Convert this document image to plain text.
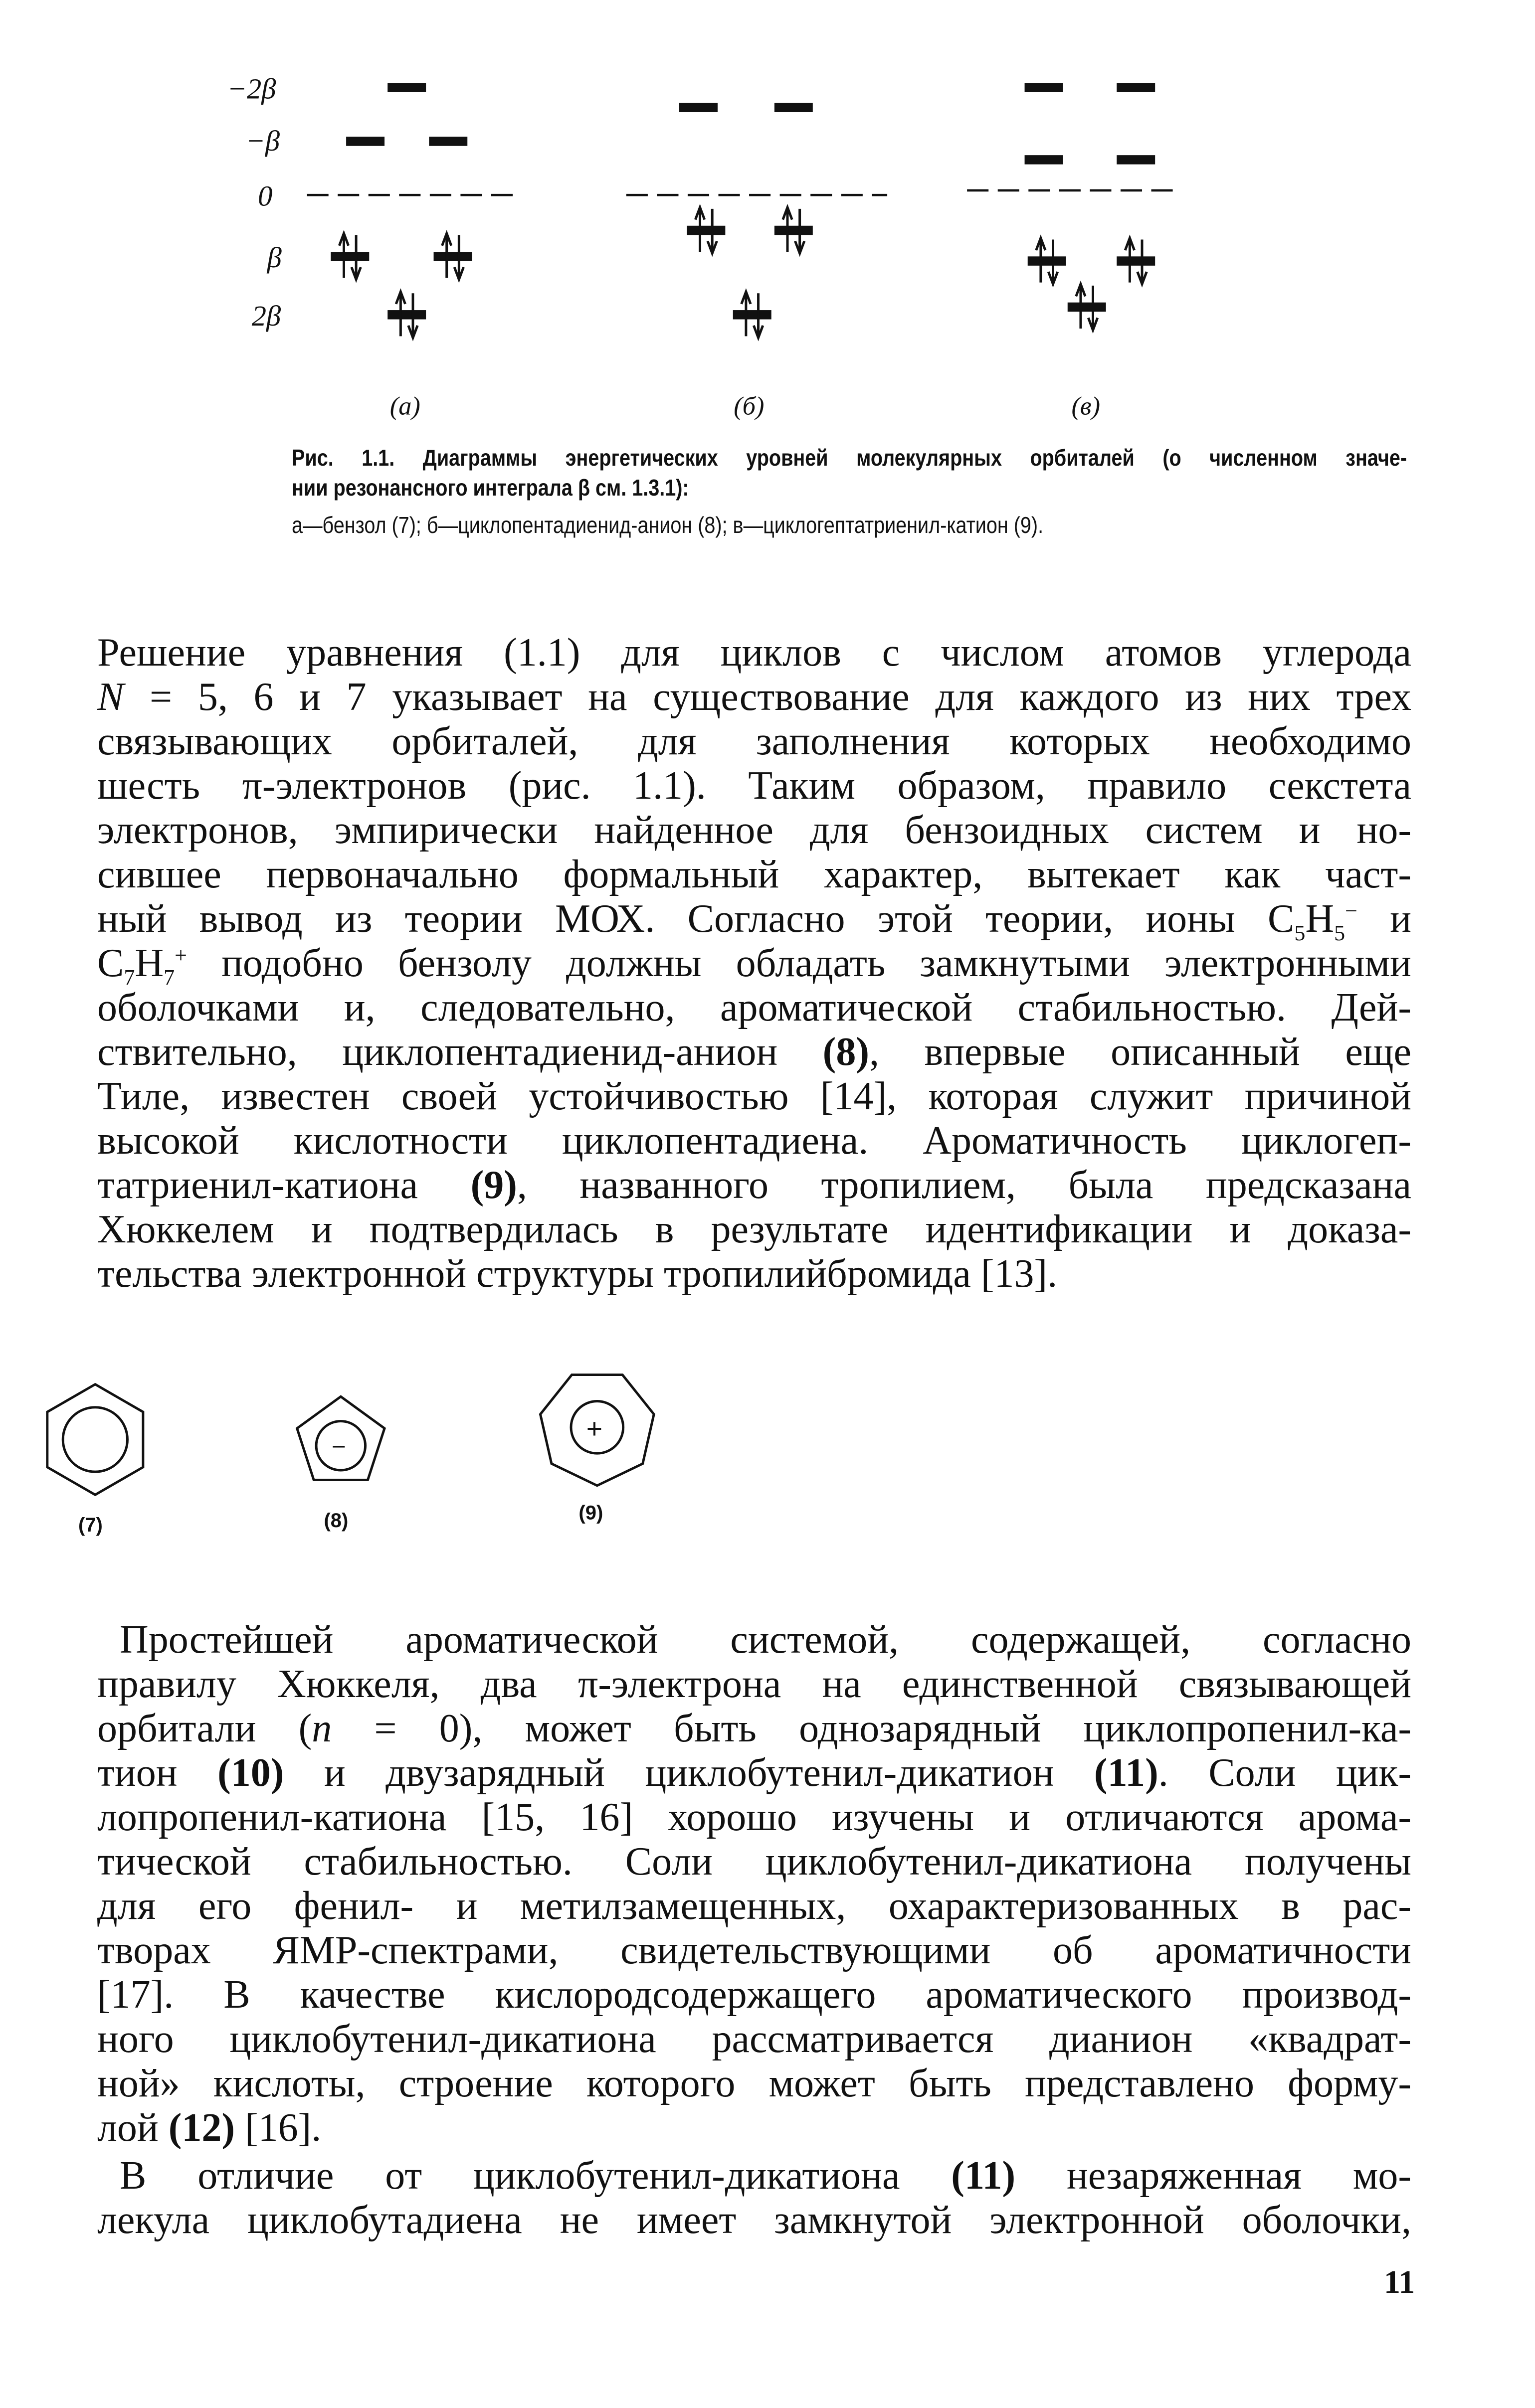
−2β
−β
0
β
2β
(а)	(б)	(в)
(7)
−
(8)
+
(9)
Рис. 1.1. Диаграммы энергетических уровней молекулярных орбиталей (о численном значе-
нии резонансного интеграла β см. 1.3.1):
а—бензол (7); б—циклопентадиенид-анион (8); в—циклогептатриенил-катион (9).
Решение уравнения (1.1) для циклов с числом атомов углерода
N = 5, 6 и 7 указывает на существование для каждого из них трех
связывающих орбиталей, для заполнения которых необходимо
шесть π-электронов (рис. 1.1). Таким образом, правило секстета
электронов, эмпирически найденное для бензоидных систем и но-
сившее первоначально формальный характер, вытекает как част-
ный вывод из теории МОХ. Согласно этой теории, ионы $C_5H_5^-$ и
$C_7H_7^+$ подобно бензолу должны обладать замкнутыми электронными
оболочками и, следовательно, ароматической стабильностью. Дей-
ствительно, циклопентадиенид-анион (8), впервые описанный еще
Тиле, известен своей устойчивостью [14], которая служит причиной
высокой кислотности циклопентадиена. Ароматичность циклогеп-
татриенил-катиона (9), названного тропилием, была предсказана
Хюккелем и подтвердилась в результате идентификации и доказа-
тельства электронной структуры тропилийбромида [13].
Простейшей ароматической системой, содержащей, согласно
правилу Хюккеля, два π-электрона на единственной связывающей
орбитали (n = 0), может быть однозарядный циклопропенил-ка-
тион (10) и двузарядный циклобутенил-дикатион (11). Соли цик-
лопропенил-катиона [15, 16] хорошо изучены и отличаются арома-
тической стабильностью. Соли циклобутенил-дикатиона получены
для его фенил- и метилзамещенных, охарактеризованных в рас-
творах ЯМР-спектрами, свидетельствующими об ароматичности
[17]. В качестве кислородсодержащего ароматического производ-
ного циклобутенил-дикатиона рассматривается дианион «квадрат-
ной» кислоты, строение которого может быть представлено форму-
лой (12) [16].
В отличие от циклобутенил-дикатиона (11) незаряженная мо-
лекула циклобутадиена не имеет замкнутой электронной оболочки,
11
